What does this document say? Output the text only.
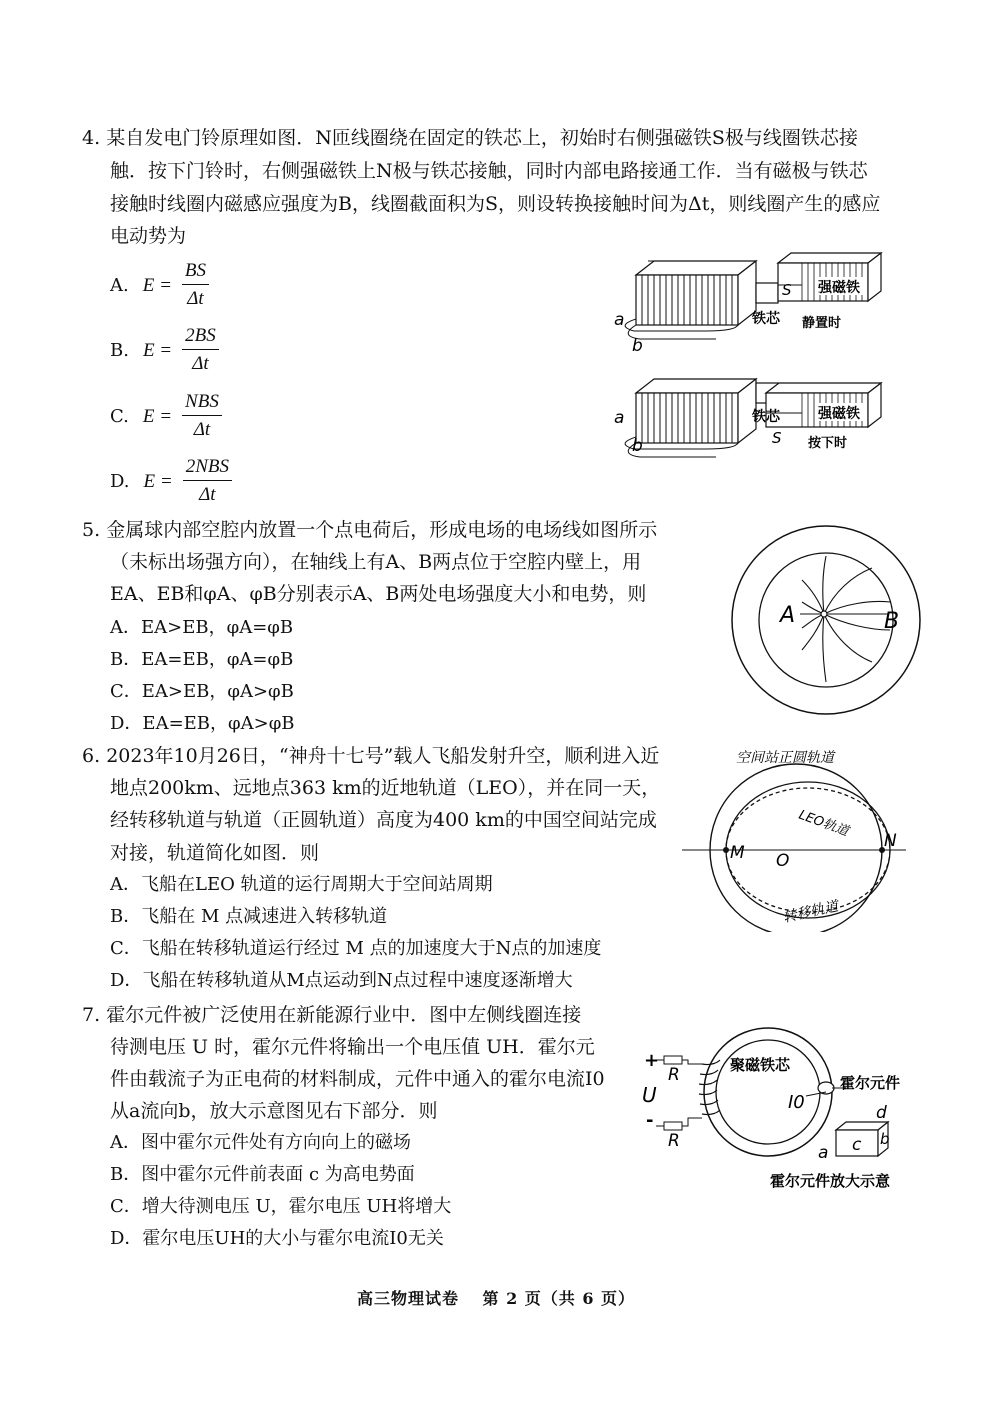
4. 某自发电门铃原理如图．N匝线圈绕在固定的铁芯上，初始时右侧强磁铁S极与线圈铁芯接
触．按下门铃时，右侧强磁铁上N极与铁芯接触，同时内部电路接通工作．当有磁极与铁芯
接触时线圈内磁感应强度为B，线圈截面积为S，则设转换接触时间为Δt，则线圈产生的感应
电动势为
A. $E = \frac{BS}{\Delta t}$
B. $E = \frac{2BS}{\Delta t}$
C. $E = \frac{\text{NBS}}{\Delta t}$
D. $E = \frac{\text{2NBS}}{\Delta t}$
S 强磁铁
a
b
铁芯 静置时
强磁铁
铁芯
a
b	S 按下时
5. 金属球内部空腔内放置一个点电荷后，形成电场的电场线如图所示
（未标出场强方向），在轴线上有A、B两点位于空腔内壁上，用
EA、EB和φA、φB分别表示A、B两处电场强度大小和电势，则
A．EA>EB，φA=φB
B．EA=EB，φA=φB
C．EA>EB，φA>φB
D．EA=EB，φA>φB
A	B
6. 2023年10月26日，“神舟十七号”载人飞船发射升空，顺利进入近
地点200km、远地点363 km的近地轨道（LEO），并在同一天，
经转移轨道与轨道（正圆轨道）高度为400 km的中国空间站完成
对接，轨道简化如图．则
A．飞船在LEO 轨道的运行周期大于空间站周期
B．飞船在 M 点减速进入转移轨道
C．飞船在转移轨道运行经过 M 点的加速度大于N点的加速度
D．飞船在转移轨道从M点运动到N点过程中速度逐渐增大
空间站正圆轨道
M O
N
LEO轨道
转移轨道
7. 霍尔元件被广泛使用在新能源行业中．图中左侧线圈连接
待测电压 U 时，霍尔元件将输出一个电压值 UH．霍尔元
件由载流子为正电荷的材料制成，元件中通入的霍尔电流I0
从a流向b，放大示意图见右下部分．则
A．图中霍尔元件处有方向向上的磁场
B．图中霍尔元件前表面 c 为高电势面
C．增大待测电压 U，霍尔电压 UH将增大
D．霍尔电压UH的大小与霍尔电流I0无关
聚磁铁芯
+
-
U
R
R
I0
霍尔元件
a
b
c
d
霍尔元件放大示意
高三物理试卷　 第 2 页（共 6 页）
